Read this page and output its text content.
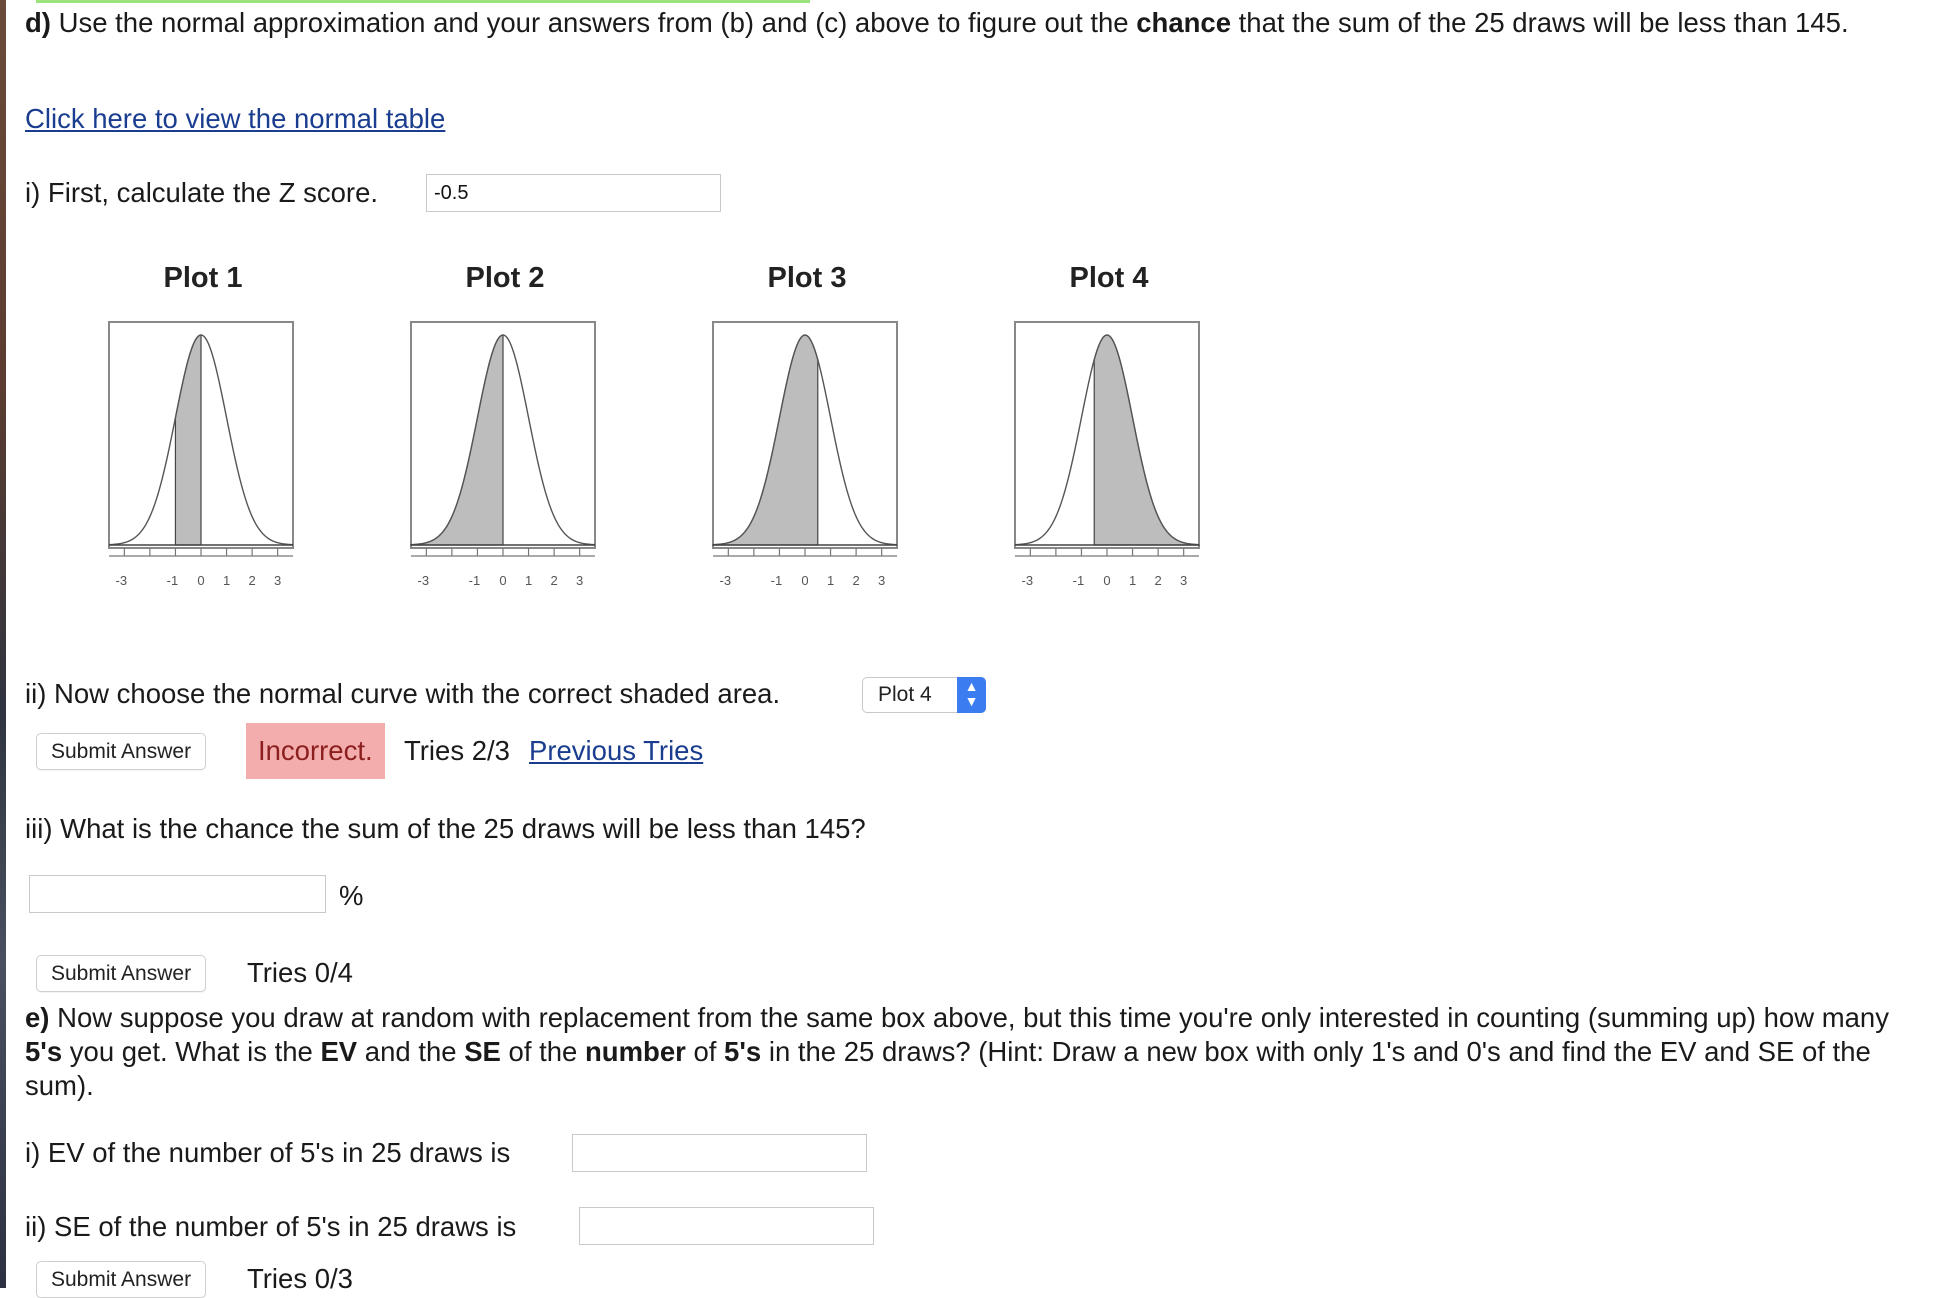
d) Use the normal approximation and your answers from (b) and (c) above to figure out the chance that the sum of the 25 draws will be less than 145.
Click here to view the normal table
i) First, calculate the Z score.
-0.5
Plot 1
-3	-1 0 1 2 3
Plot 2
-3	-1 0 1 2 3
Plot 3
-3	-1 0 1 2 3
Plot 4
-3	-1 0 1 2 3
ii) Now choose the normal curve with the correct shaded area.	Plot 4	▲
▼
Submit Answer	Incorrect.	Tries 2/3 Previous Tries
iii) What is the chance the sum of the 25 draws will be less than 145?
%
Submit Answer	Tries 0/4
e) Now suppose you draw at random with replacement from the same box above, but this time you're only interested in counting (summing up) how many 5's you get. What is the EV and the SE of the number of 5's in the 25 draws? (Hint: Draw a new box with only 1's and 0's and find the EV and SE of the sum).
i) EV of the number of 5's in 25 draws is
ii) SE of the number of 5's in 25 draws is
Submit Answer	Tries 0/3
